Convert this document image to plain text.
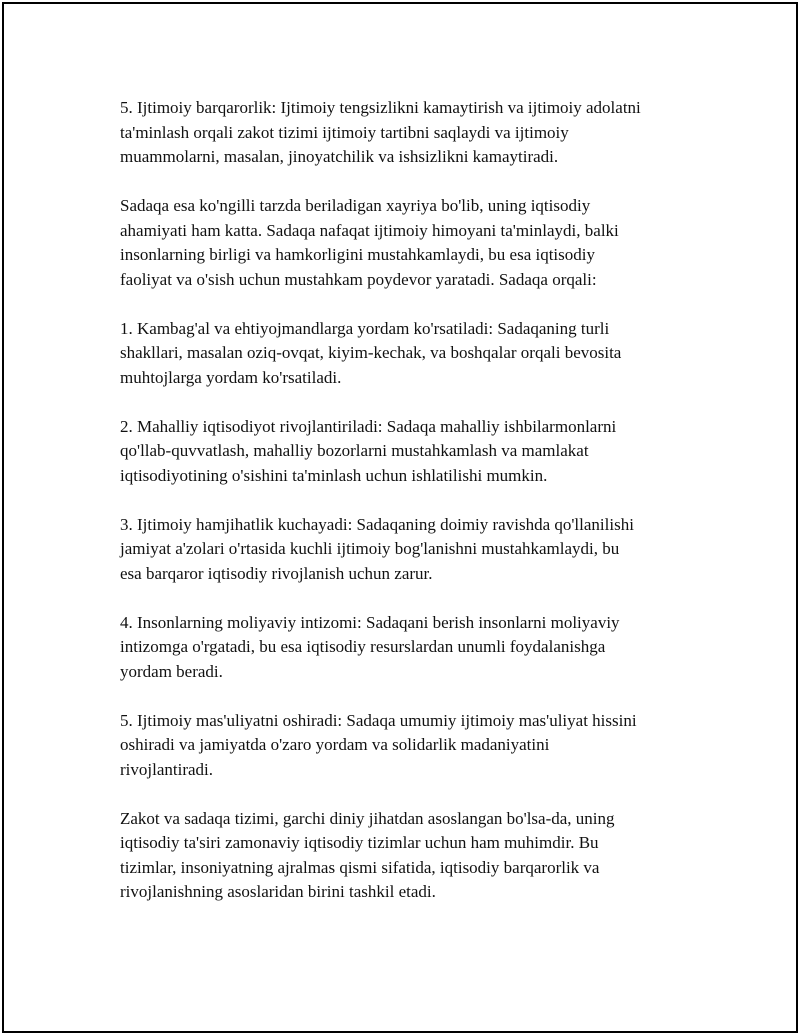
5. Ijtimoiy barqarorlik: Ijtimoiy tengsizlikni kamaytirish va ijtimoiy adolatni
ta'minlash orqali zakot tizimi ijtimoiy tartibni saqlaydi va ijtimoiy
muammolarni, masalan, jinoyatchilik va ishsizlikni kamaytiradi.

Sadaqa esa ko'ngilli tarzda beriladigan xayriya bo'lib, uning iqtisodiy
ahamiyati ham katta. Sadaqa nafaqat ijtimoiy himoyani ta'minlaydi, balki
insonlarning birligi va hamkorligini mustahkamlaydi, bu esa iqtisodiy
faoliyat va o'sish uchun mustahkam poydevor yaratadi. Sadaqa orqali:

1. Kambag'al va ehtiyojmandlarga yordam ko'rsatiladi: Sadaqaning turli
shakllari, masalan oziq-ovqat, kiyim-kechak, va boshqalar orqali bevosita
muhtojlarga yordam ko'rsatiladi.

2. Mahalliy iqtisodiyot rivojlantiriladi: Sadaqa mahalliy ishbilarmonlarni
qo'llab-quvvatlash, mahalliy bozorlarni mustahkamlash va mamlakat
iqtisodiyotining o'sishini ta'minlash uchun ishlatilishi mumkin.

3. Ijtimoiy hamjihatlik kuchayadi: Sadaqaning doimiy ravishda qo'llanilishi
jamiyat a'zolari o'rtasida kuchli ijtimoiy bog'lanishni mustahkamlaydi, bu
esa barqaror iqtisodiy rivojlanish uchun zarur.

4. Insonlarning moliyaviy intizomi: Sadaqani berish insonlarni moliyaviy
intizomga o'rgatadi, bu esa iqtisodiy resurslardan unumli foydalanishga
yordam beradi.

5. Ijtimoiy mas'uliyatni oshiradi: Sadaqa umumiy ijtimoiy mas'uliyat hissini
oshiradi va jamiyatda o'zaro yordam va solidarlik madaniyatini
rivojlantiradi.

Zakot va sadaqa tizimi, garchi diniy jihatdan asoslangan bo'lsa-da, uning
iqtisodiy ta'siri zamonaviy iqtisodiy tizimlar uchun ham muhimdir. Bu
tizimlar, insoniyatning ajralmas qismi sifatida, iqtisodiy barqarorlik va
rivojlanishning asoslaridan birini tashkil etadi.
